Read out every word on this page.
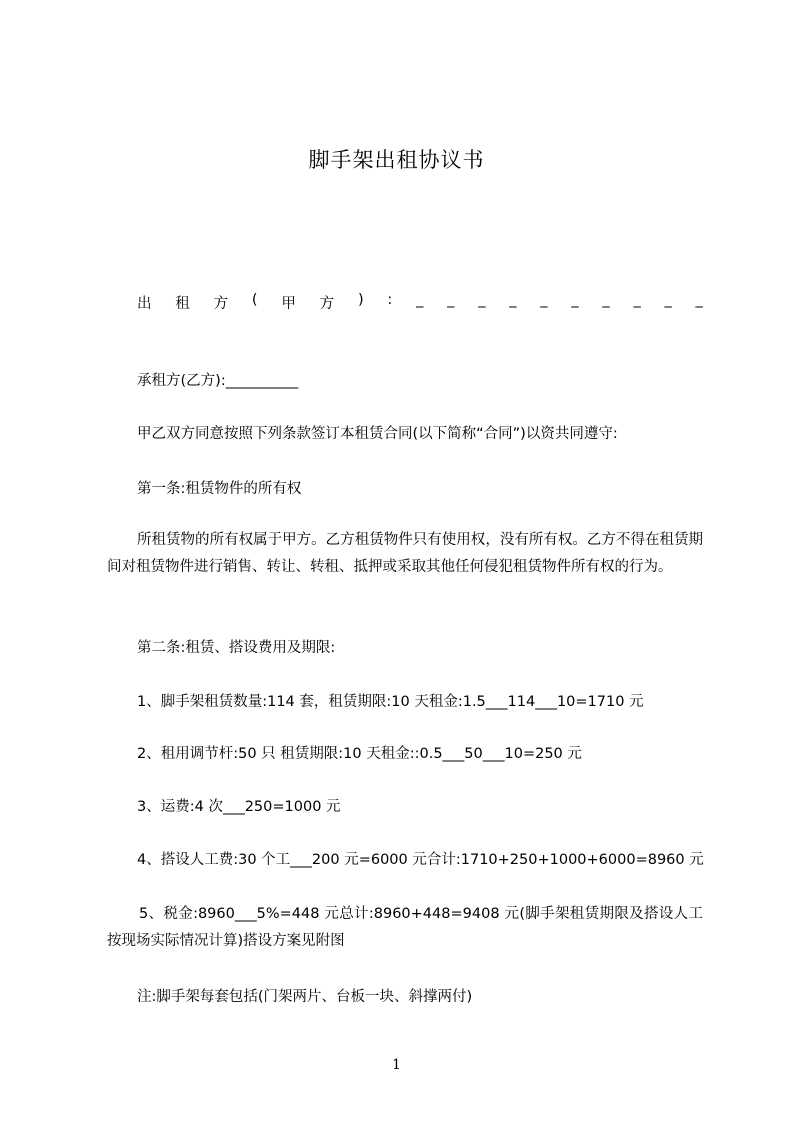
脚手架出租协议书
出 租 方 ( 甲 方 ) : _ _ _ _ _ _ _ _ _ _
承租方(乙方):__________
甲乙双方同意按照下列条款签订本租赁合同(以下简称“合同”)以资共同遵守:
第一条:租赁物件的所有权
所租赁物的所有权属于甲方。乙方租赁物件只有使用权，没有所有权。乙方不得在租赁期间对租赁物件进行销售、转让、转租、抵押或采取其他任何侵犯租赁物件所有权的行为。
第二条:租赁、搭设费用及期限:
1、脚手架租赁数量:114 套，租赁期限:10 天租金:1.5___114___10=1710 元
2、租用调节杆:50 只 租赁期限:10 天租金::0.5___50___10=250 元
3、运费:4 次___250=1000 元
4、搭设人工费:30 个工___200 元=6000 元合计:1710+250+1000+6000=8960 元
5、税金:8960___5%=448 元总计:8960+448=9408 元(脚手架租赁期限及搭设人工按现场实际情况计算)搭设方案见附图
注:脚手架每套包括(门架两片、台板一块、斜撑两付)
1
